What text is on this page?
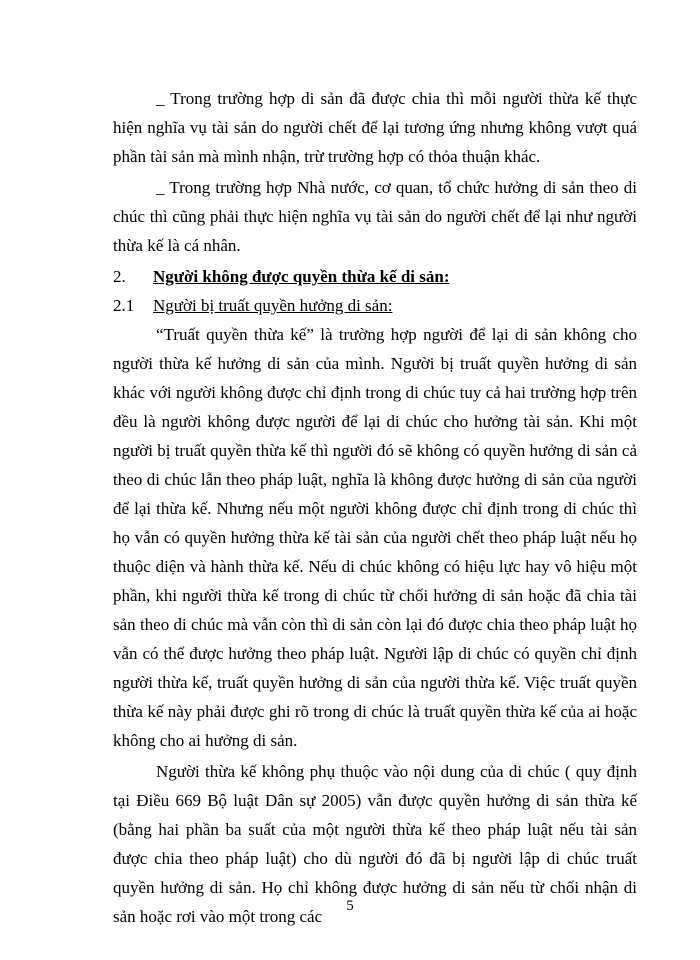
_ Trong trường hợp di sản đã được chia thì mỗi người thừa kế thực hiện nghĩa vụ tài sản do người chết để lại tương ứng nhưng không vượt quá phần tài sản mà mình nhận, trừ trường hợp có thỏa thuận khác.

_ Trong trường hợp Nhà nước, cơ quan, tổ chức hưởng di sản theo di chúc thì cũng phải thực hiện nghĩa vụ tài sản do người chết để lại như người thừa kế là cá nhân.

2.	Người không được quyền thừa kế di sản:
2.1	Người bị truất quyền hưởng di sản:

“Truất quyền thừa kế” là trường hợp người để lại di sản không cho người thừa kế hưởng di sản của mình. Người bị truất quyền hưởng di sản khác với người không được chỉ định trong di chúc tuy cả hai trường hợp trên đều là người không được người để lại di chúc cho hưởng tài sản. Khi một người bị truất quyền thừa kế thì người đó sẽ không có quyền hưởng di sản cả theo di chúc lẫn theo pháp luật, nghĩa là không được hưởng di sản của người để lại thừa kế. Nhưng nếu một người không được chỉ định trong di chúc thì họ vẫn có quyền hưởng thừa kế tài sản của người chết theo pháp luật nếu họ thuộc diện và hành thừa kế. Nếu di chúc không có hiệu lực hay vô hiệu một phần, khi người thừa kế trong di chúc từ chối hưởng di sản hoặc đã chia tài sản theo di chúc mà vẫn còn thì di sản còn lại đó được chia theo pháp luật họ vẫn có thể được hưởng theo pháp luật. Người lập di chúc có quyền chỉ định người thừa kế, truất quyền hưởng di sản của người thừa kế. Việc truất quyền thừa kế này phải được ghi rõ trong di chúc là truất quyền thừa kế của ai hoặc không cho ai hưởng di sản.

Người thừa kế không phụ thuộc vào nội dung của di chúc ( quy định tại Điều 669 Bộ luật Dân sự 2005) vẫn được quyền hưởng di sản thừa kế (bằng hai phần ba suất của một người thừa kế theo pháp luật nếu tài sản được chia theo pháp luật) cho dù người đó đã bị người lập di chúc truất quyền hưởng di sản. Họ chỉ không được hưởng di sản nếu từ chối nhận di sản hoặc rơi vào một trong các

5
